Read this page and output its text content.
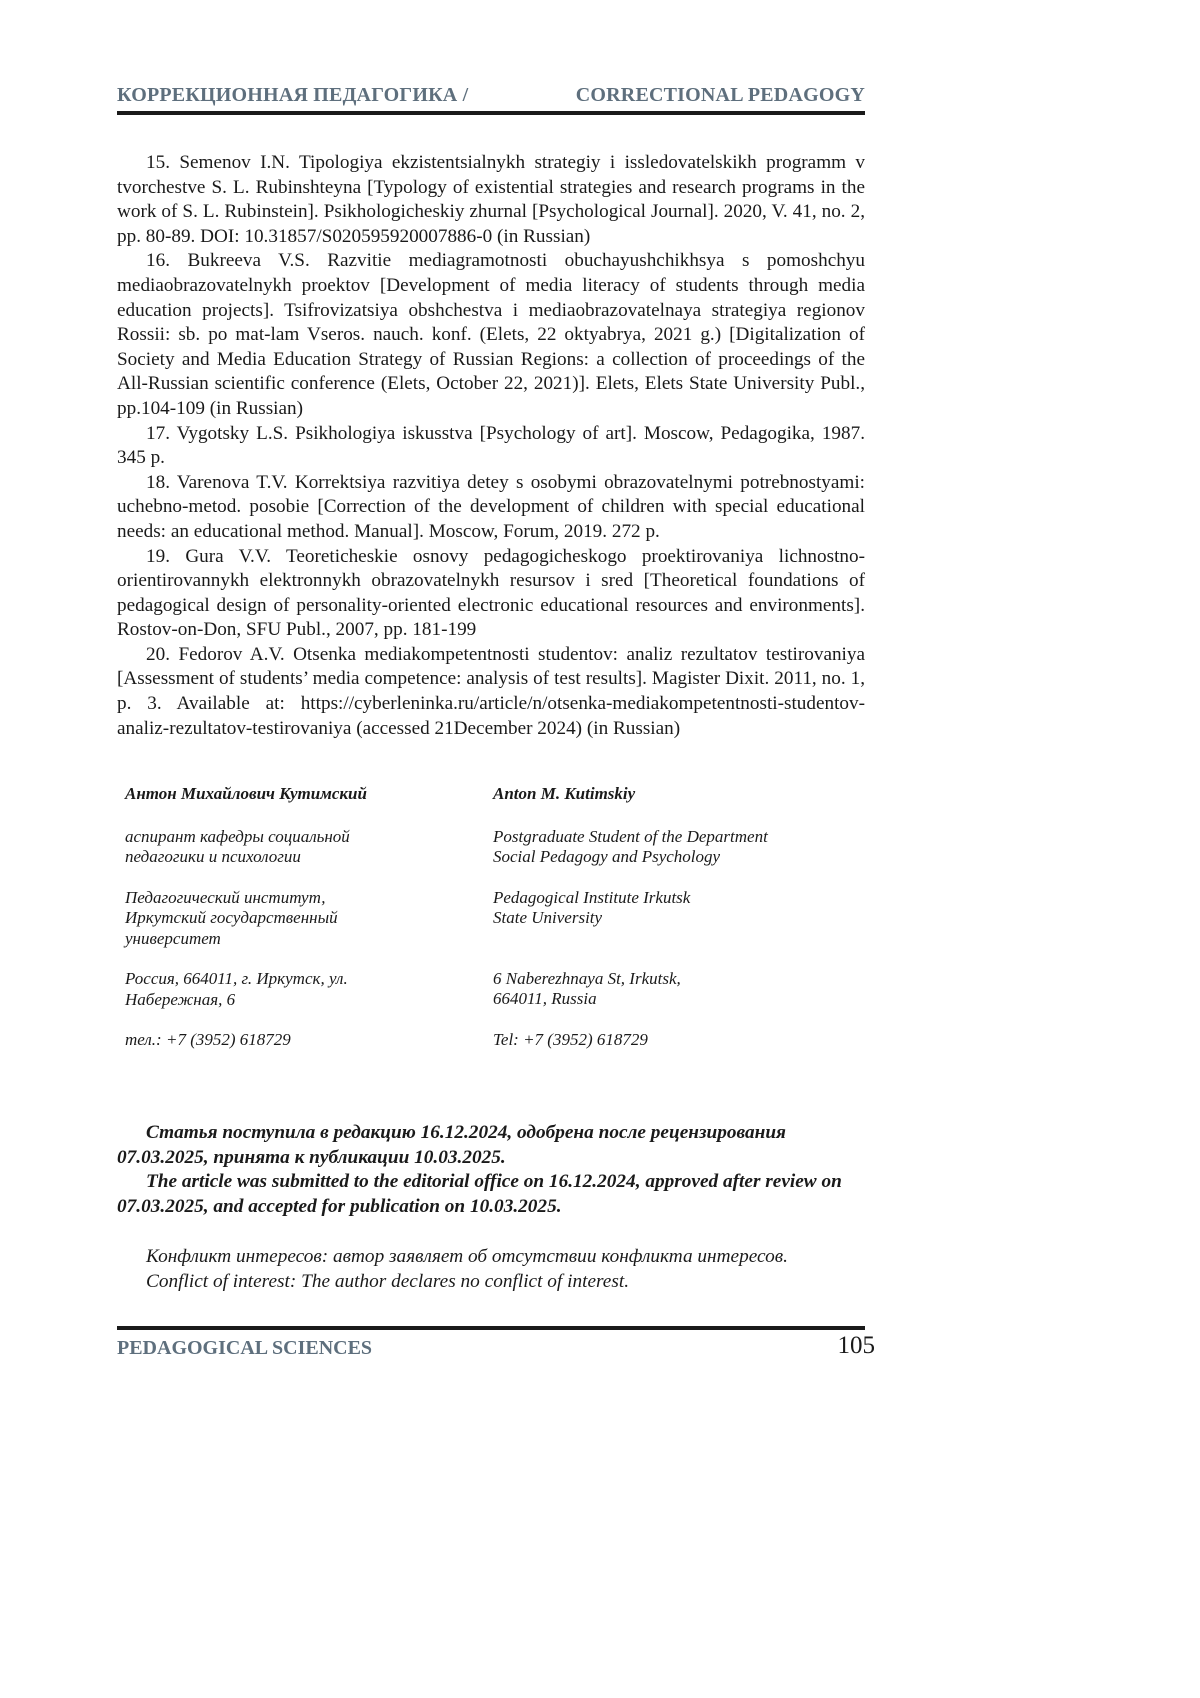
КОРРЕКЦИОННАЯ ПЕДАГОГИКА /	CORRECTIONAL PEDAGOGY

15. Semenov I.N. Tipologiya ekzistentsialnykh strategiy i issledovatelskikh programm v tvorchestve S. L. Rubinshteyna [Typology of existential strategies and research programs in the work of S. L. Rubinstein]. Psikhologicheskiy zhurnal [Psychological Journal]. 2020, V. 41, no. 2, pp. 80-89. DOI: 10.31857/S020595920007886-0 (in Russian)

16. Bukreeva V.S. Razvitie mediagramotnosti obuchayushchikhsya s pomoshchyu mediaobrazovatelnykh proektov [Development of media literacy of students through media education projects]. Tsifrovizatsiya obshchestva i mediaobrazovatelnaya strategiya regionov Rossii: sb. po mat-lam Vseros. nauch. konf. (Elets, 22 oktyabrya, 2021 g.) [Digitalization of Society and Media Education Strategy of Russian Regions: a collection of proceedings of the All-Russian scientific conference (Elets, October 22, 2021)]. Elets, Elets State University Publ., pp.104-109 (in Russian)

17. Vygotsky L.S. Psikhologiya iskusstva [Psychology of art]. Moscow, Pedagogika, 1987. 345 p.

18. Varenova T.V. Korrektsiya razvitiya detey s osobymi obrazovatelnymi potrebnostyami: uchebno-metod. posobie [Correction of the development of children with special educational needs: an educational method. Manual]. Moscow, Forum, 2019. 272 p.

19. Gura V.V. Teoreticheskie osnovy pedagogicheskogo proektirovaniya lichnostno-orientirovannykh elektronnykh obrazovatelnykh resursov i sred [Theoretical foundations of pedagogical design of personality-oriented electronic educational resources and environments]. Rostov-on-Don, SFU Publ., 2007, pp. 181-199

20. Fedorov A.V. Otsenka mediakompetentnosti studentov: analiz rezultatov testirovaniya [Assessment of students’ media competence: analysis of test results]. Magister Dixit. 2011, no. 1, p. 3. Available at: https://cyberleninka.ru/article/n/otsenka-mediakompetentnosti-studentov-analiz-rezultatov-testirovaniya (accessed 21December 2024) (in Russian)

Антон Михайлович Кутимский

аспирант кафедры социальной педагогики и психологии

Педагогический институт, Иркутский государственный университет

Россия, 664011, г. Иркутск, ул. Набережная, 6

тел.: +7 (3952) 618729

Anton M. Kutimskiy

Postgraduate Student of the Department Social Pedagogy and Psychology

Pedagogical Institute Irkutsk State University

6 Naberezhnaya St, Irkutsk, 664011, Russia

Tel: +7 (3952) 618729

Статья поступила в редакцию 16.12.2024, одобрена после рецензирования 07.03.2025, принята к публикации 10.03.2025.

The article was submitted to the editorial office on 16.12.2024, approved after review on 07.03.2025, and accepted for publication on 10.03.2025.

Конфликт интересов: автор заявляет об отсутствии конфликта интересов.

Conflict of interest: The author declares no conflict of interest.

PEDAGOGICAL SCIENCES	105
